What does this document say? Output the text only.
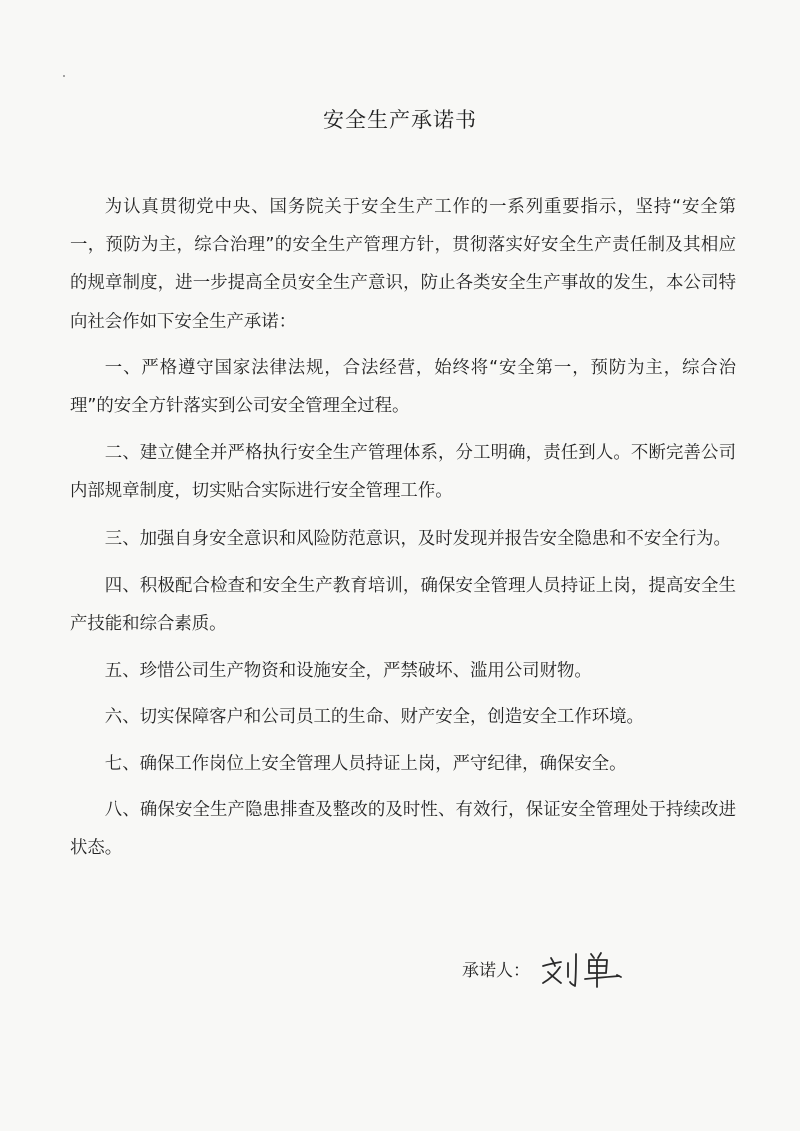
安全生产承诺书

为认真贯彻党中央、国务院关于安全生产工作的一系列重要指示，坚持“安全第一，预防为主，综合治理”的安全生产管理方针，贯彻落实好安全生产责任制及其相应的规章制度，进一步提高全员安全生产意识，防止各类安全生产事故的发生，本公司特向社会作如下安全生产承诺：

一、严格遵守国家法律法规，合法经营，始终将“安全第一，预防为主，综合治理”的安全方针落实到公司安全管理全过程。

二、建立健全并严格执行安全生产管理体系，分工明确，责任到人。不断完善公司内部规章制度，切实贴合实际进行安全管理工作。

三、加强自身安全意识和风险防范意识，及时发现并报告安全隐患和不安全行为。

四、积极配合检查和安全生产教育培训，确保安全管理人员持证上岗，提高安全生产技能和综合素质。

五、珍惜公司生产物资和设施安全，严禁破坏、滥用公司财物。

六、切实保障客户和公司员工的生命、财产安全，创造安全工作环境。

七、确保工作岗位上安全管理人员持证上岗，严守纪律，确保安全。

八、确保安全生产隐患排查及整改的及时性、有效行，保证安全管理处于持续改进状态。

承诺人：
